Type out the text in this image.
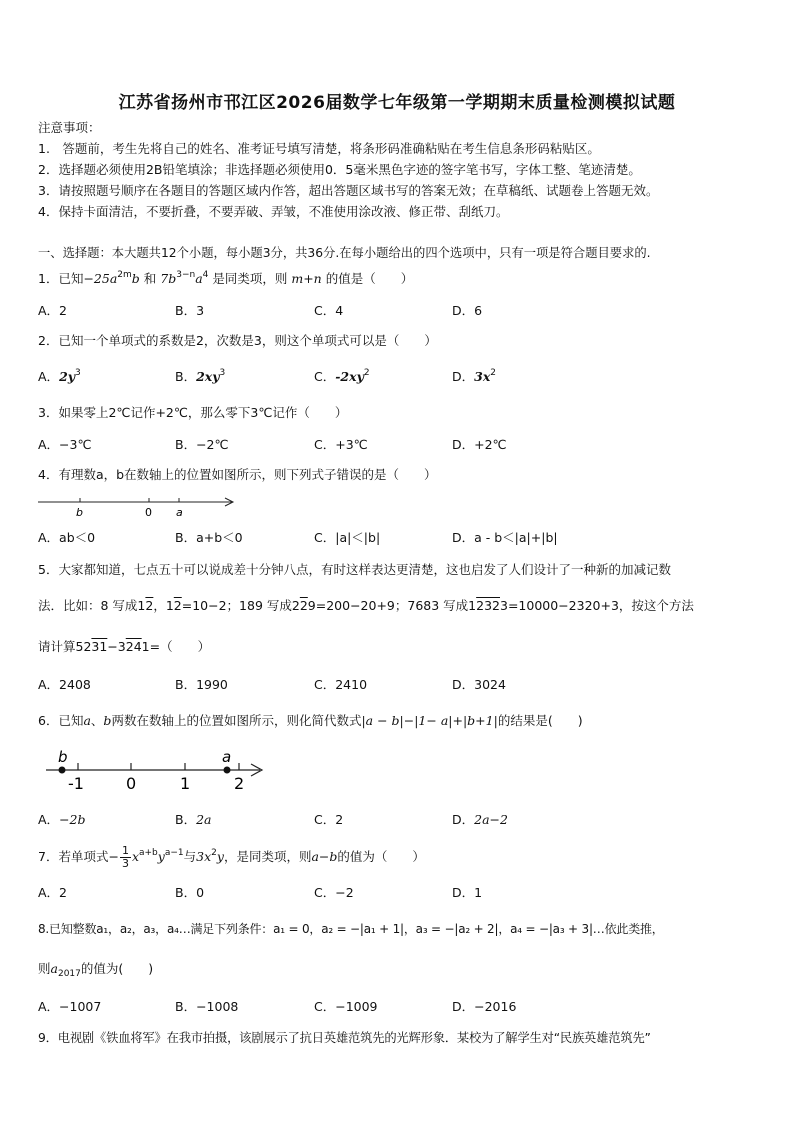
江苏省扬州市邗江区2026届数学七年级第一学期期末质量检测模拟试题
注意事项：
1.　答题前，考生先将自己的姓名、准考证号填写清楚，将条形码准确粘贴在考生信息条形码粘贴区。
2．选择题必须使用2B铅笔填涂；非选择题必须使用0．5毫米黑色字迹的签字笔书写，字体工整、笔迹清楚。
3．请按照题号顺序在各题目的答题区域内作答，超出答题区域书写的答案无效；在草稿纸、试题卷上答题无效。
4．保持卡面清洁，不要折叠，不要弄破、弄皱，不准使用涂改液、修正带、刮纸刀。
一、选择题：本大题共12个小题，每小题3分，共36分.在每小题给出的四个选项中，只有一项是符合题目要求的.
1．已知$-25a^{2m}b$ 和 $7b^{3-n}a^4$ 是同类项，则 m+n 的值是（　　）
A．2	B．3	C．4	D．6
2．已知一个单项式的系数是2，次数是3，则这个单项式可以是（　　）
A．$2y^3$	B．$2xy^3$	C．$-2xy^2$	D．$3x^2$
3．如果零上2℃记作+2℃，那么零下3℃记作（　　）
A．−3℃	B．−2℃	C．+3℃	D．+2℃
4．有理数a，b在数轴上的位置如图所示，则下列式子错误的是（　　）
b	0 a
A．ab＜0	B．a+b＜0	C．|a|＜|b|	D．a - b＜|a|+|b|
5．大家都知道，七点五十可以说成差十分钟八点，有时这样表达更清楚，这也启发了人们设计了一种新的加减记数
法．比如：8 写成12，12=10−2；189 写成229=200−20+9；7683 写成12323=10000−2320+3，按这个方法
请计算5231−3241=（　　）
A．2408	B．1990	C．2410	D．3024
6．已知a、b两数在数轴上的位置如图所示，则化简代数式|a − b|−|1− a|+|b+1|的结果是(　　)
b	a
-1	0	1	2
A．−2b	B．2a	C．2	D．2a−2
7．若单项式− $\frac{1}{3} x^{a+b}y^{a-1}$与$3x^2y$，是同类项，则a−b的值为（　　）
A．2	B．0	C．−2	D．1
8.已知整数a₁，a₂，a₃，a₄…满足下列条件：a₁ = 0，a₂ = −|a₁ + 1|，a₃ = −|a₂ + 2|，a₄ = −|a₃ + 3|…依此类推，
则$a_{2017}$的值为(　　)
A．−1007	B．−1008	C．−1009	D．−2016
9．电视剧《铁血将军》在我市拍摄，该剧展示了抗日英雄范筑先的光辉形象．某校为了解学生对“民族英雄范筑先”
